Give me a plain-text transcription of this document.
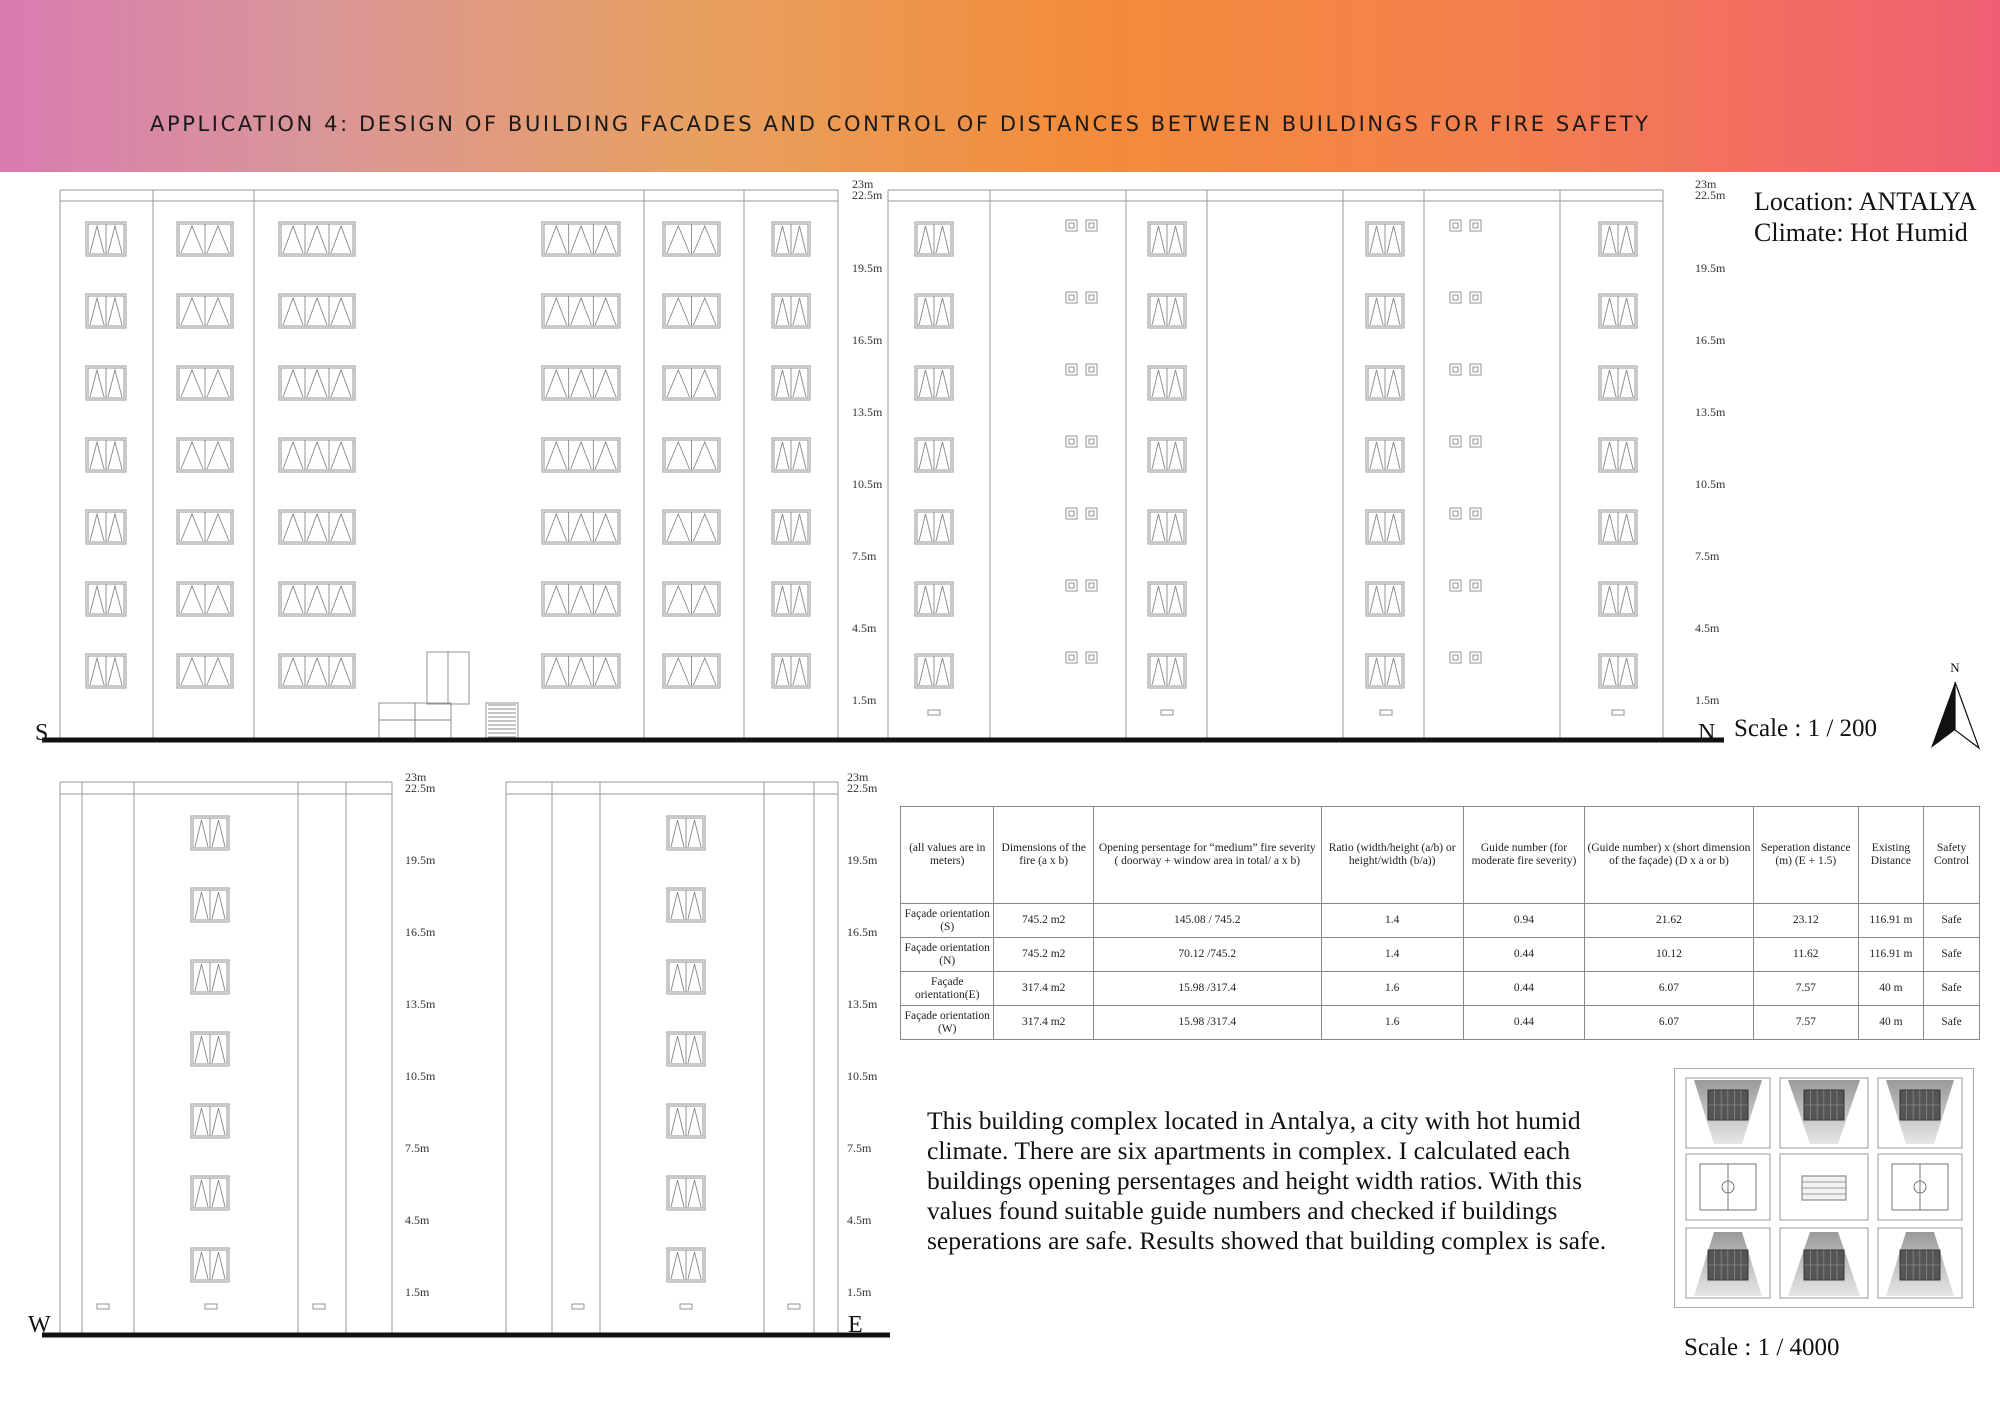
APPLICATION 4: DESIGN OF BUILDING FACADES AND CONTROL OF DISTANCES BETWEEN BUILDINGS FOR FIRE SAFETY
Location: ANTALYA
Climate: Hot Humid
23m
22.5m
19.5m
16.5m
13.5m
10.5m
7.5m
4.5m
1.5m
23m
22.5m
19.5m
16.5m
13.5m
10.5m
7.5m
4.5m
1.5m
S	N Scale : 1 / 200
N
23m
22.5m
19.5m
16.5m
13.5m
10.5m
7.5m
4.5m
1.5m
23m
22.5m
19.5m
16.5m
13.5m
10.5m
7.5m
4.5m
1.5m
W	E
(all values are in meters)	Dimensions of the fire (a x b)	Opening persentage for “medium” fire severity ( doorway + window area in total/ a x b)	Ratio (width/height (a/b) or height/width (b/a))	Guide number (for moderate fire severity)	(Guide number) x (short dimension of the façade) (D x a or b)	Seperation distance (m) (E + 1.5)	Existing Distance	Safety Control
Façade orientation (S)	745.2 m2	145.08 / 745.2	1.4	0.94	21.62	23.12	116.91 m	Safe
Façade orientation (N)	745.2 m2	70.12 /745.2	1.4	0.44	10.12	11.62	116.91 m	Safe
Façade orientation(E)	317.4 m2	15.98 /317.4	1.6	0.44	6.07	7.57	40 m	Safe
Façade orientation (W)	317.4 m2	15.98 /317.4	1.6	0.44	6.07	7.57	40 m	Safe
This building complex located in Antalya, a city with hot humid climate. There are six apartments in complex. I calculated each buildings opening persentages and height width ratios. With this values found suitable guide numbers and checked if buildings seperations are safe. Results showed that building complex is safe.
Scale : 1 / 4000
